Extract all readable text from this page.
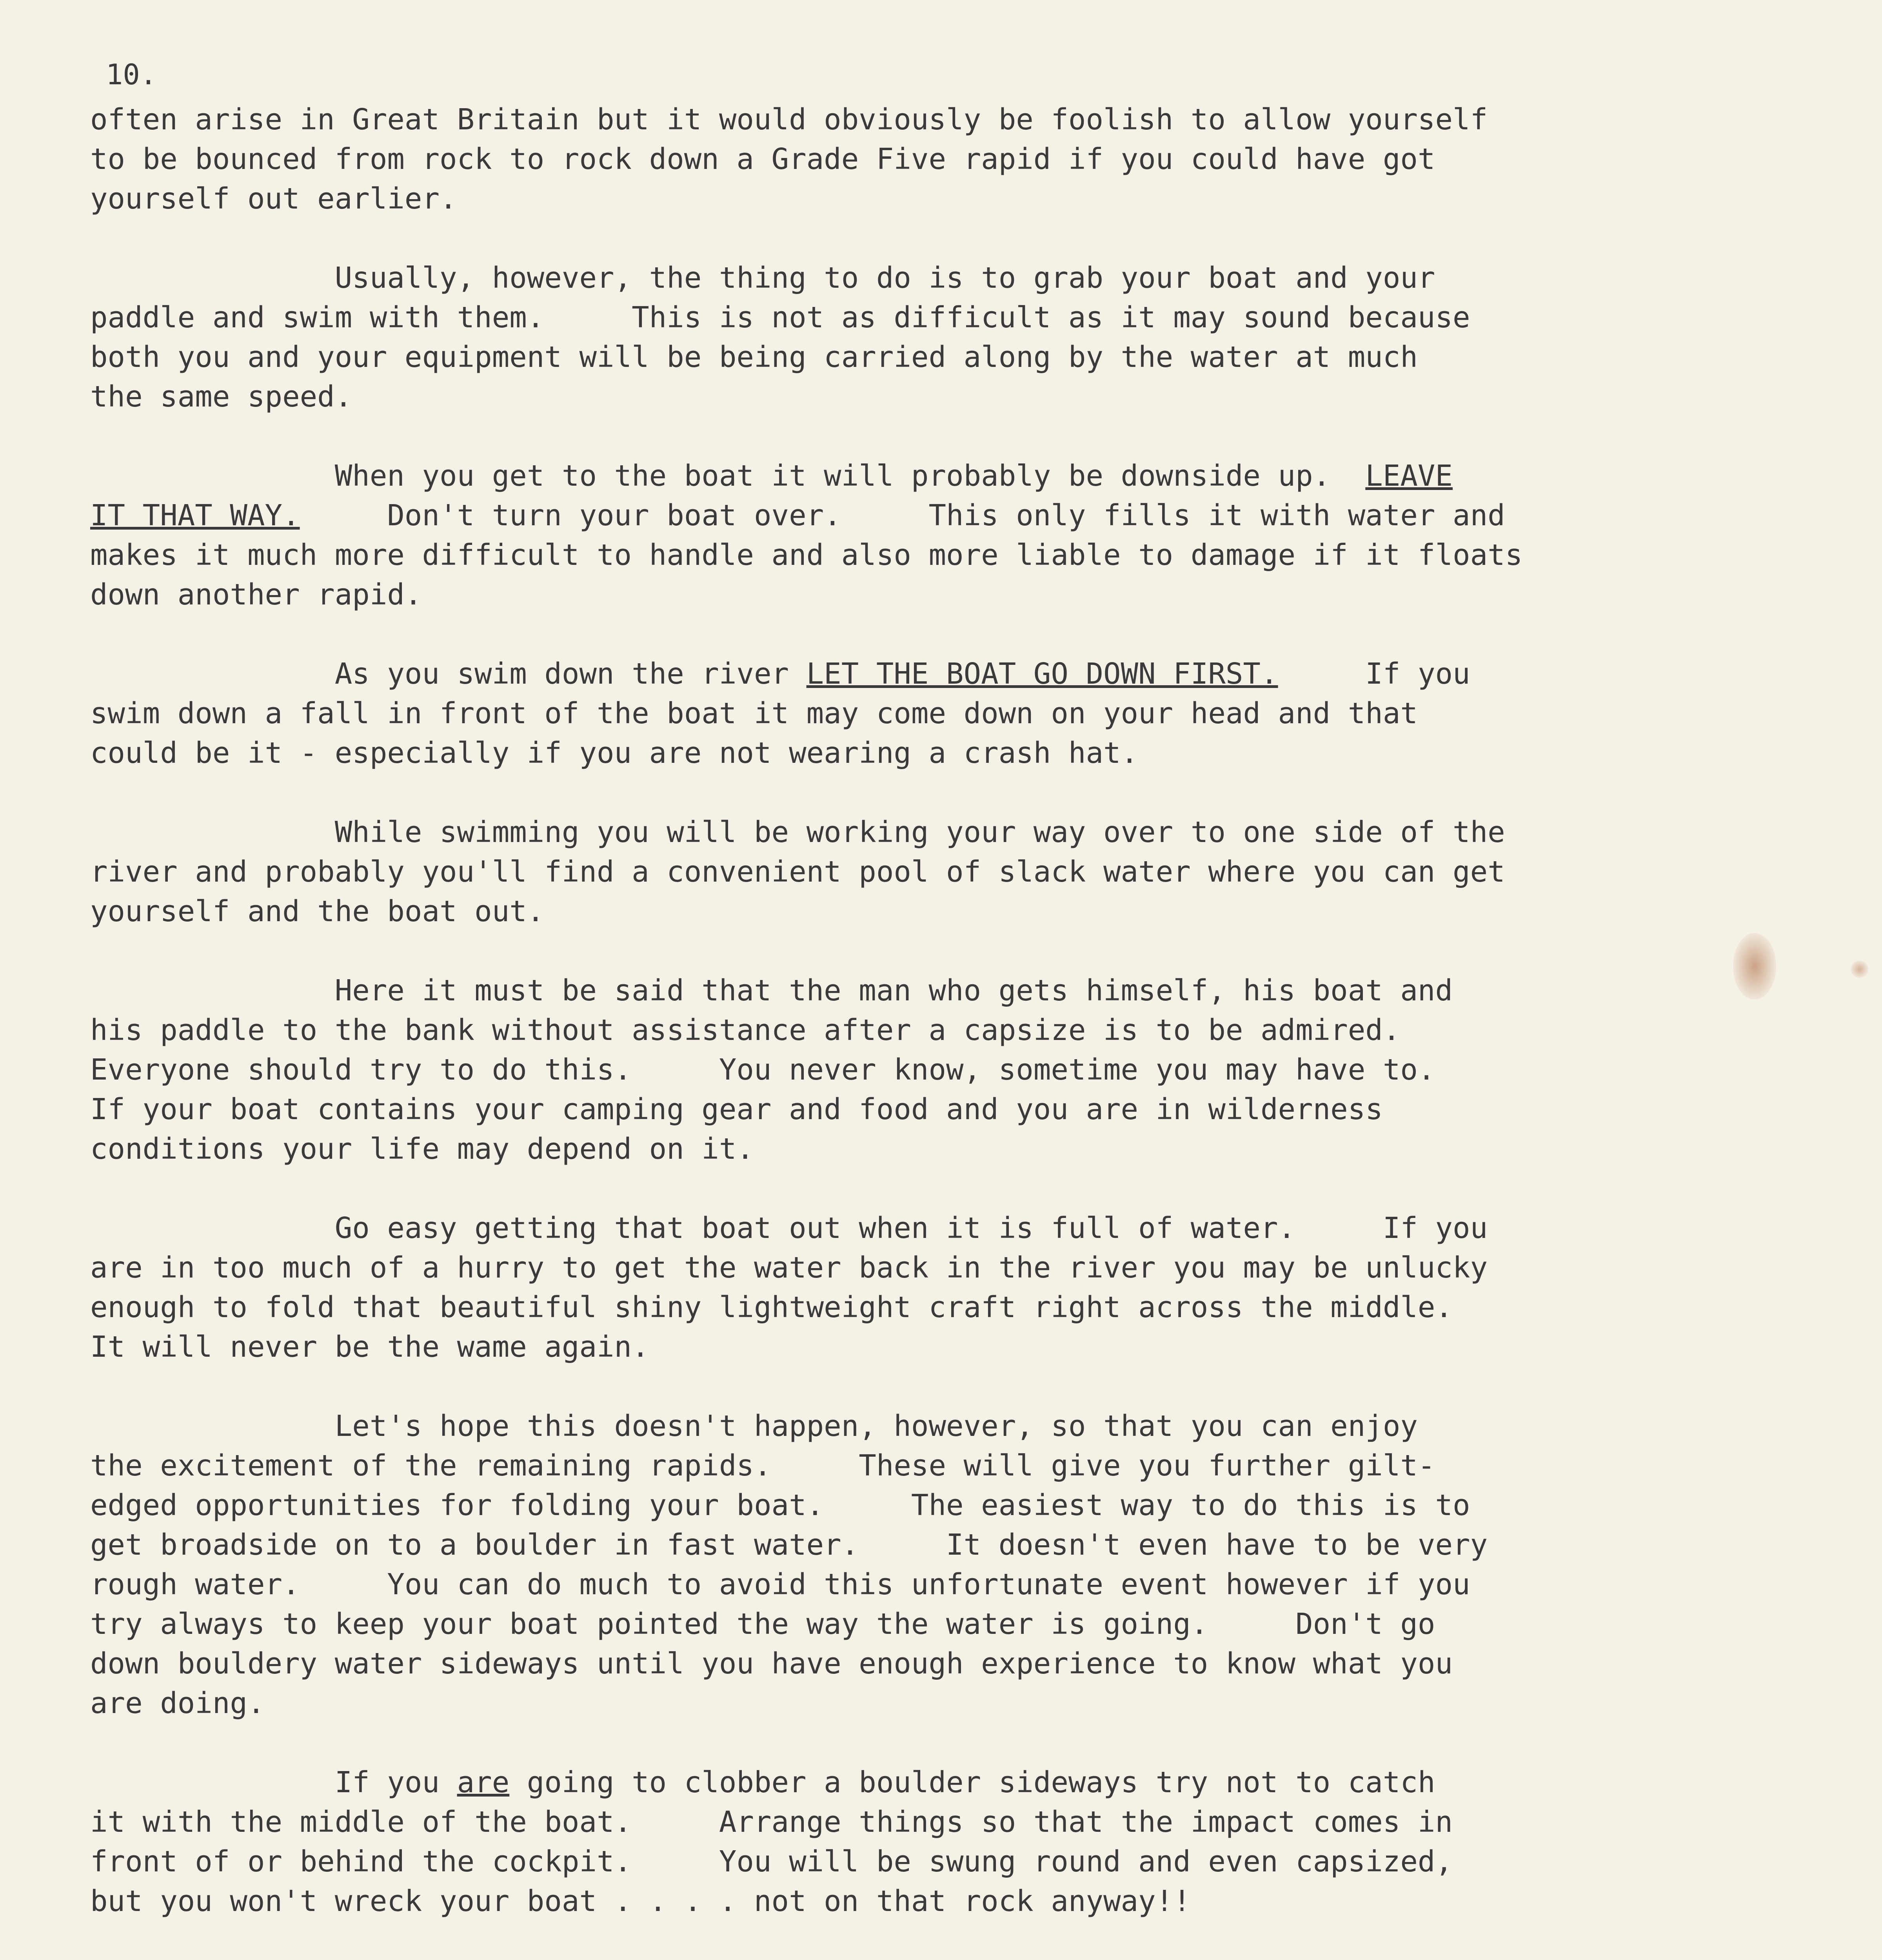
10.
often arise in Great Britain but it would obviously be foolish to allow yourself
to be bounced from rock to rock down a Grade Five rapid if you could have got
yourself out earlier.
Usually, however, the thing to do is to grab your boat and your
paddle and swim with them.     This is not as difficult as it may sound because
both you and your equipment will be being carried along by the water at much
the same speed.
When you get to the boat it will probably be downside up.  LEAVE
IT THAT WAY.     Don't turn your boat over.     This only fills it with water and
makes it much more difficult to handle and also more liable to damage if it floats
down another rapid.
As you swim down the river LET THE BOAT GO DOWN FIRST.     If you
swim down a fall in front of the boat it may come down on your head and that
could be it - especially if you are not wearing a crash hat.
While swimming you will be working your way over to one side of the
river and probably you'll find a convenient pool of slack water where you can get
yourself and the boat out.
Here it must be said that the man who gets himself, his boat and
his paddle to the bank without assistance after a capsize is to be admired.
Everyone should try to do this.     You never know, sometime you may have to.
If your boat contains your camping gear and food and you are in wilderness
conditions your life may depend on it.
Go easy getting that boat out when it is full of water.     If you
are in too much of a hurry to get the water back in the river you may be unlucky
enough to fold that beautiful shiny lightweight craft right across the middle.
It will never be the wame again.
Let's hope this doesn't happen, however, so that you can enjoy
the excitement of the remaining rapids.     These will give you further gilt-
edged opportunities for folding your boat.     The easiest way to do this is to
get broadside on to a boulder in fast water.     It doesn't even have to be very
rough water.     You can do much to avoid this unfortunate event however if you
try always to keep your boat pointed the way the water is going.     Don't go
down bouldery water sideways until you have enough experience to know what you
are doing.
If you are going to clobber a boulder sideways try not to catch
it with the middle of the boat.     Arrange things so that the impact comes in
front of or behind the cockpit.     You will be swung round and even capsized,
but you won't wreck your boat . . . . not on that rock anyway!!
